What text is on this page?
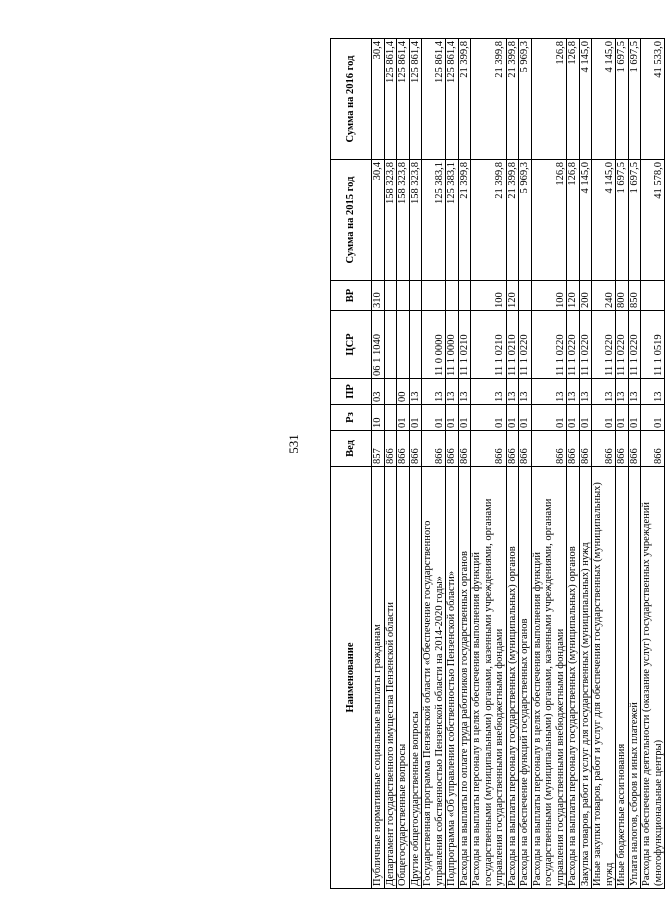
531
Наименование	Вед	Рз	ПР	ЦСР	ВР	Сумма на 2015 год	Сумма на 2016 год
Публичные нормативные социальные выплаты гражданам	857	10	03	06 1 1040	310	30,4	30,4
Департамент государственного имущества Пензенской области	866					158 323,8	125 861,4
Общегосударственные вопросы	866	01	00			158 323,8	125 861,4
Другие общегосударственные вопросы	866	01	13			158 323,8	125 861,4
Государственная программа Пензенской области «Обеспечение государственного управления собственностью Пензенской области на 2014-2020 годы»	866	01	13	11 0 0000		125 383,1	125 861,4
Подпрограмма «Об управлении собственностью Пензенской области»	866	01	13	11 1 0000		125 383,1	125 861,4
Расходы на выплаты по оплате труда работников государственных органов	866	01	13	11 1 0210		21 399,8	21 399,8
Расходы на выплаты персоналу в целях обеспечения выполнения функций государственными (муниципальными) органами, казенными учреждениями, органами управления государственными внебюджетными фондами	866	01	13	11 1 0210	100	21 399,8	21 399,8
Расходы на выплаты персоналу государственных (муниципальных) органов	866	01	13	11 1 0210	120	21 399,8	21 399,8
Расходы на обеспечение функций государственных органов	866	01	13	11 1 0220		5 969,3	5 969,3
Расходы на выплаты персоналу в целях обеспечения выполнения функций государственными (муниципальными) органами, казенными учреждениями, органами управления государственными внебюджетными фондами	866	01	13	11 1 0220	100	126,8	126,8
Расходы на выплаты персоналу государственных (муниципальных) органов	866	01	13	11 1 0220	120	126,8	126,8
Закупка товаров, работ и услуг для государственных (муниципальных) нужд	866	01	13	11 1 0220	200	4 145,0	4 145,0
Иные закупки товаров, работ и услуг для обеспечения государственных (муниципальных) нужд	866	01	13	11 1 0220	240	4 145,0	4 145,0
Иные бюджетные ассигнования	866	01	13	11 1 0220	800	1 697,5	1 697,5
Уплата налогов, сборов и иных платежей	866	01	13	11 1 0220	850	1 697,5	1 697,5
Расходы на обеспечение деятельности (оказание услуг) государственных учреждений (многофункциональные центры)	866	01	13	11 1 0519		41 578,0	41 533,0
